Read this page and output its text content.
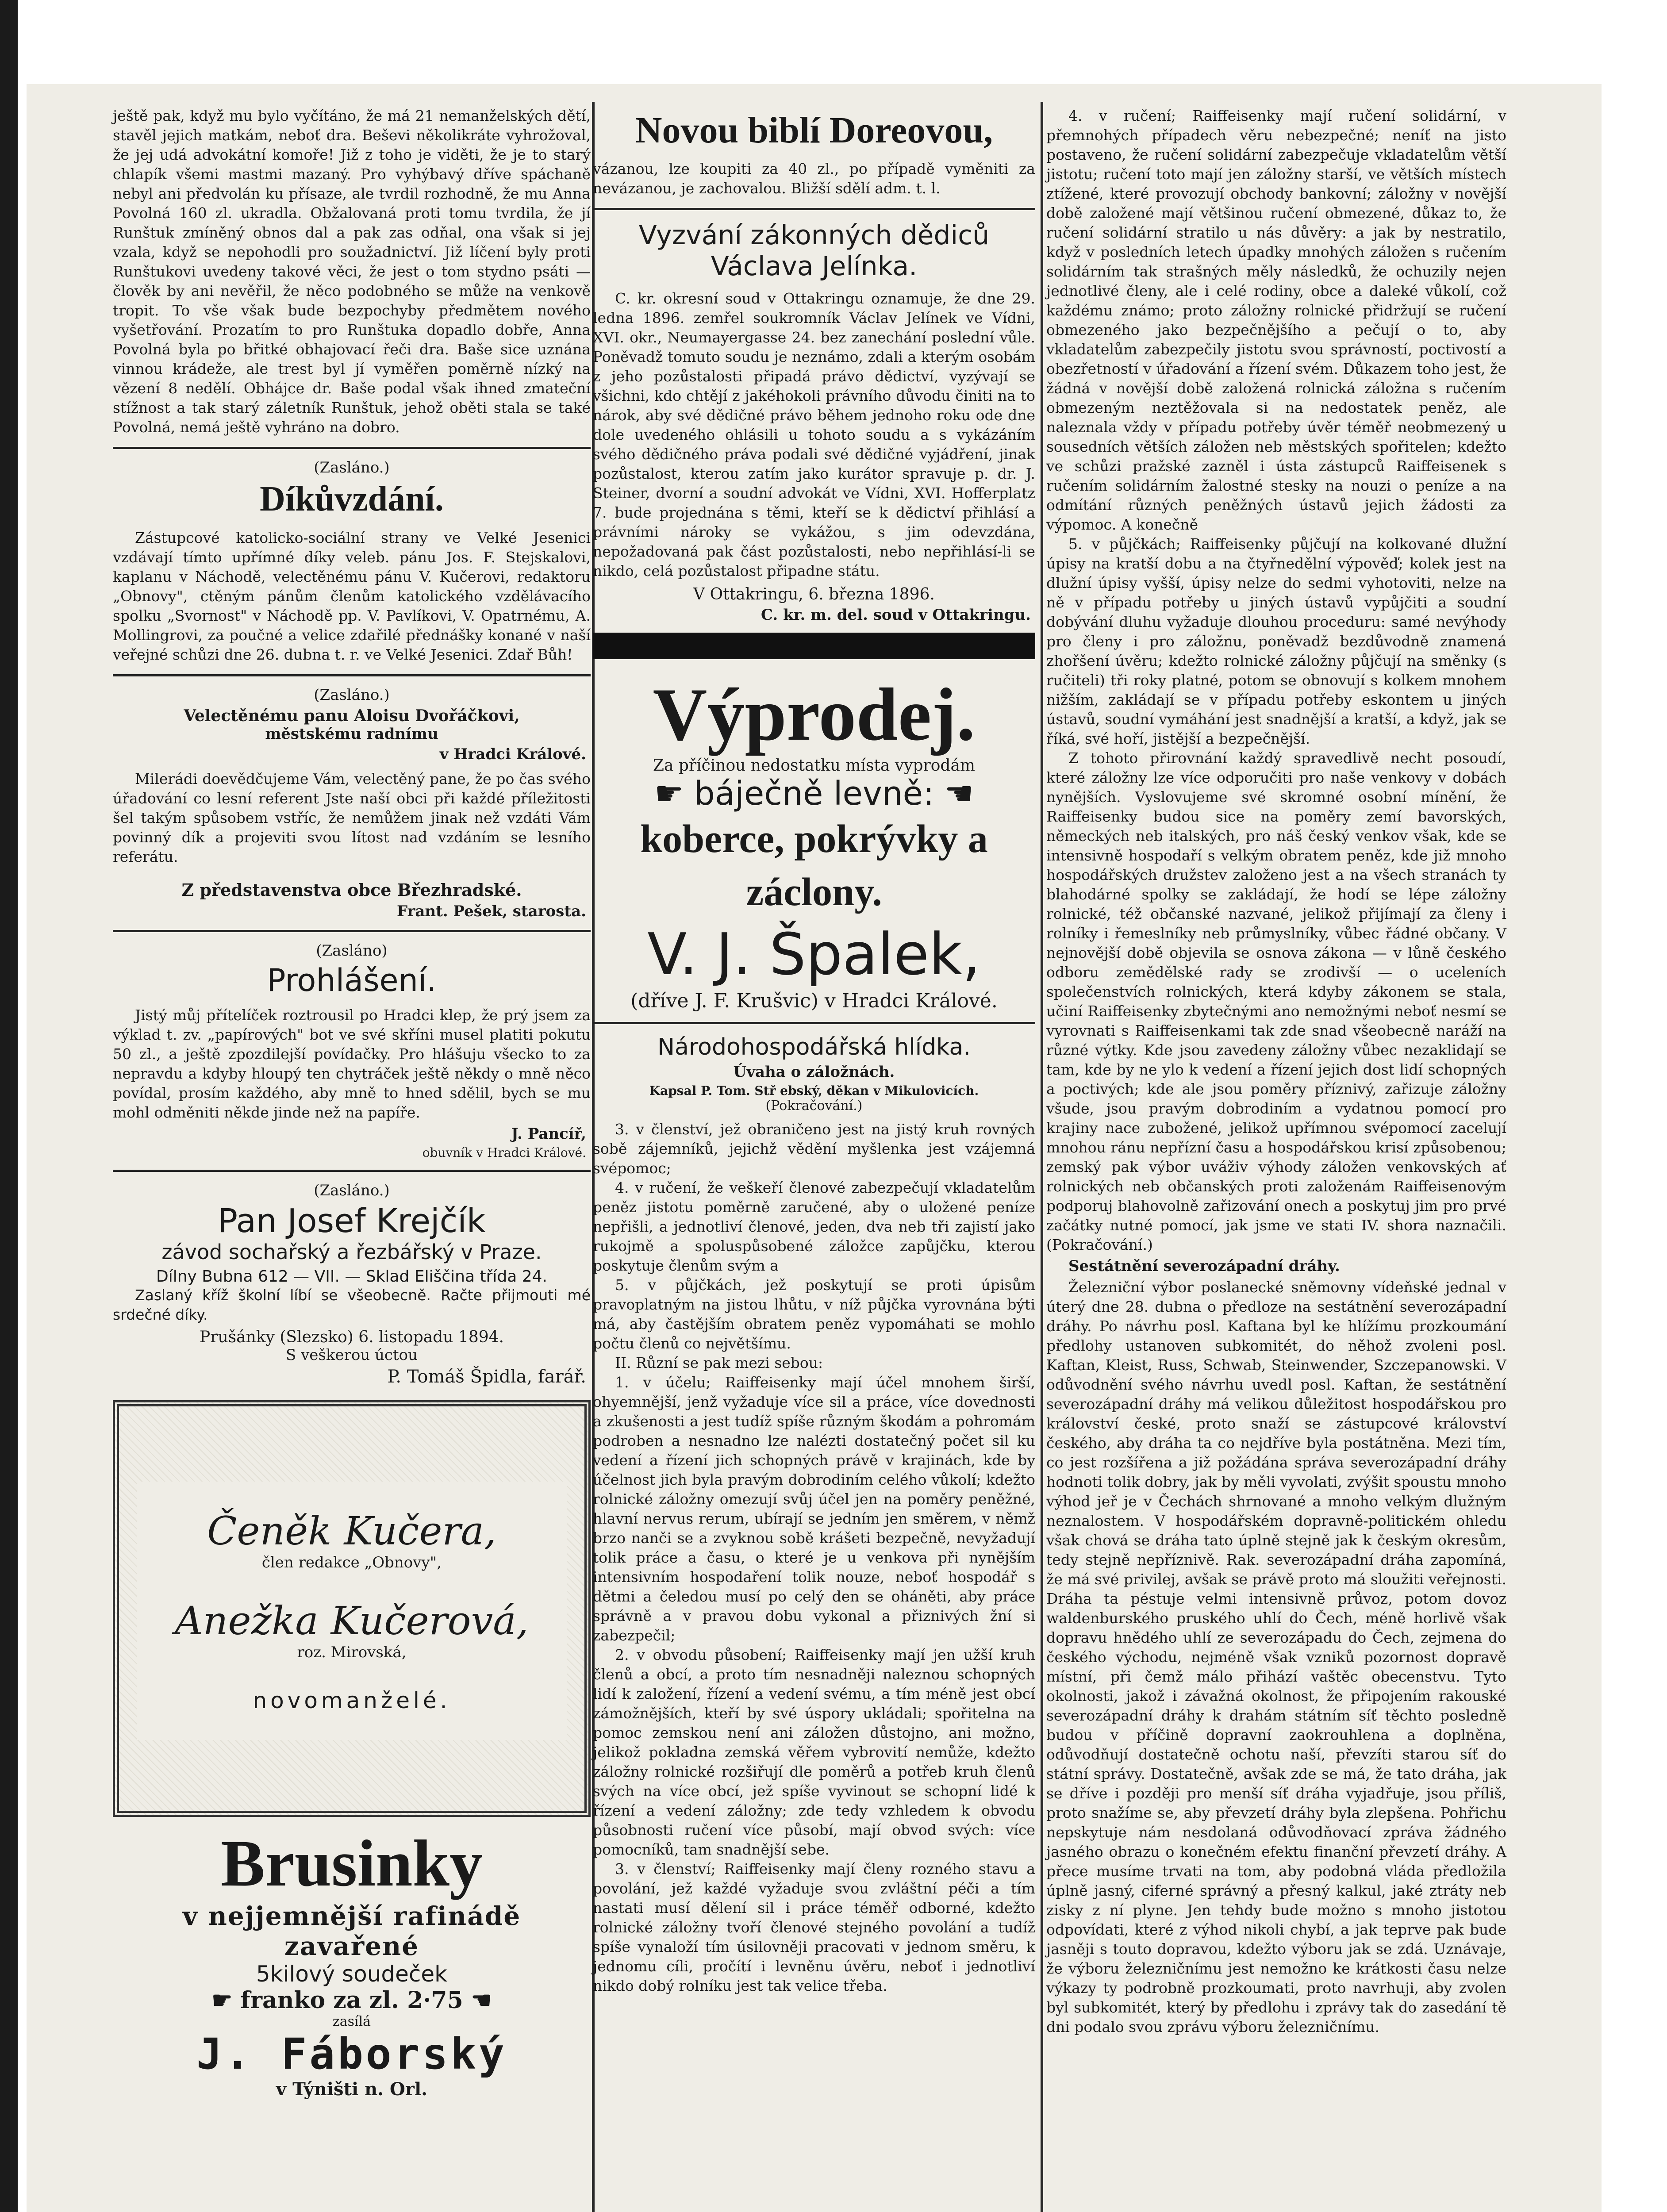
ještě pak, když mu bylo vyčítáno, že má 21 nemanželských dětí, stavěl jejich matkám, neboť dra. Beševi několikráte vyhrožoval, že jej udá advokátní komoře! Již z toho je viděti, že je to starý chlapík všemi mastmi mazaný. Pro vyhýbavý dříve spáchaně nebyl ani předvolán ku přísaze, ale tvrdil rozhodně, že mu Anna Povolná 160 zl. ukradla. Obžalovaná proti tomu tvrdila, že jí Runštuk zmíněný obnos dal a pak zas odňal, ona však si jej vzala, když se nepohodli pro soužadnictví. Již líčení byly proti Runštukovi uvedeny takové věci, že jest o tom stydno psáti — člověk by ani nevěřil, že něco podobného se může na venkově tropit. To vše však bude bezpochyby předmětem nového vyšetřování. Prozatím to pro Runštuka dopadlo dobře, Anna Povolná byla po břitké obhajovací řeči dra. Baše sice uznána vinnou krádeže, ale trest byl jí vyměřen poměrně nízký na vězení 8 nedělí. Obhájce dr. Baše podal však ihned zmateční stížnost a tak starý záletník Runštuk, jehož oběti stala se také Povolná, nemá ještě vyhráno na dobro.

(Zasláno.)
Díkůvzdání.

Zástupcové katolicko-sociální strany ve Velké Jesenici vzdávají tímto upřímné díky veleb. pánu Jos. F. Stejskalovi, kaplanu v Náchodě, velectěnému pánu V. Kučerovi, redaktoru „Obnovy", ctěným pánům členům katolického vzdělávacího spolku „Svornost" v Náchodě pp. V. Pavlíkovi, V. Opatrnému, A. Mollingrovi, za poučné a velice zdařilé přednášky konané v naší veřejné schůzi dne 26. dubna t. r. ve Velké Jesenici. Zdař Bůh!

(Zasláno.)
Velectěnému panu Aloisu Dvořáčkovi,
městskému radnímu
v Hradci Králové.

Milerádi doevědčujeme Vám, velectěný pane, že po čas svého úřadování co lesní referent Jste naší obci při každé příležitosti šel takým spůsobem vstříc, že nemůžem jinak než vzdáti Vám povinný dík a projeviti svou lítost nad vzdáním se lesního referátu.

Z představenstva obce Březhradské.
Frant. Pešek, starosta.
(Zasláno)
Prohlášení.

Jistý můj přítelíček roztrousil po Hradci klep, že prý jsem za výklad t. zv. „papírových" bot ve své skříni musel platiti pokutu 50 zl., a ještě zpozdilejší povídačky. Pro hlášuju všecko to za nepravdu a kdyby hloupý ten chytráček ještě někdy o mně něco povídal, prosím každého, aby mně to hned sdělil, bych se mu mohl odměniti někde jinde než na papíře.

J. Pancíř,
obuvník v Hradci Králové.
(Zasláno.)
Pan Josef Krejčík
závod sochařský a řezbářský v Praze.
Dílny Bubna 612 — VII. — Sklad Eliščina třída 24.

Zaslaný kříž školní líbí se všeobecně. Račte přijmouti mé srdečné díky.

Prušánky (Slezsko) 6. listopadu 1894.
S veškerou úctou
P. Tomáš Špidla, farář.
Čeněk Kučera,
člen redakce „Obnovy",
Anežka Kučerová,
roz. Mirovská,
novomanželé.
Brusinky
v nejjemnější rafinádě zavařené
5kilový soudeček
☛ franko za zl. 2·75 ☚
zasílá
J. Fáborský
v Týništi n. Orl.
Novou biblí Doreovou,

vázanou, lze koupiti za 40 zl., po případě vyměniti za nevázanou, je zachovalou. Bližší sdělí adm. t. l.

Vyzvání zákonných dědiců
Václava Jelínka.

C. kr. okresní soud v Ottakringu oznamuje, že dne 29. ledna 1896. zemřel soukromník Václav Jelínek ve Vídni, XVI. okr., Neumayergasse 24. bez zanechání poslední vůle. Poněvadž tomuto soudu je neznámo, zdali a kterým osobám z jeho pozůstalosti připadá právo dědictví, vyzývají se všichni, kdo chtějí z jakéhokoli právního důvodu činiti na to nárok, aby své dědičné právo během jednoho roku ode dne dole uvedeného ohlásili u tohoto soudu a s vykázáním svého dědičného práva podali své dědičné vyjádření, jinak pozůstalost, kterou zatím jako kurátor spravuje p. dr. J. Steiner, dvorní a soudní advokát ve Vídni, XVI. Hofferplatz 7. bude projednána s těmi, kteří se k dědictví přihlásí a právními nároky se vykážou, s jim odevzdána, nepožadovaná pak část pozůstalosti, nebo nepřihlásí-li se nikdo, celá pozůstalost připadne státu.

V Ottakringu, 6. března 1896.
C. kr. m. del. soud v Ottakringu.
Výprodej.
Za příčinou nedostatku místa vyprodám
☛ báječně levně: ☚
koberce, pokrývky a záclony.
V. J. Špalek,
(dříve J. F. Krušvic) v Hradci Králové.
Národohospodářská hlídka.
Úvaha o záložnách.
Kapsal P. Tom. Stř ebský, děkan v Mikulovicích.
(Pokračování.)

3. v členství, jež obraničeno jest na jistý kruh rovných sobě zájemníků, jejichž vědění myšlenka jest vzájemná svépomoc;

4. v ručení, že veškeří členové zabezpečují vkladatelům peněz jistotu poměrně zaručené, aby o uložené peníze nepřišli, a jednotliví členové, jeden, dva neb tři zajistí jako rukojmě a spoluspůsobené záložce zapůjčku, kterou poskytuje členům svým a

5. v půjčkách, jež poskytují se proti úpisům pravoplatným na jistou lhůtu, v níž půjčka vyrovnána býti má, aby častějším obratem peněz vypomáhati se mohlo počtu členů co největšímu.

II. Různí se pak mezi sebou:

1. v účelu; Raiffeisenky mají účel mnohem širší, ohyemnější, jenž vyžaduje více sil a práce, více dovednosti a zkušenosti a jest tudíž spíše různým škodám a pohromám podroben a nesnadno lze nalézti dostatečný počet sil ku vedení a řízení jich schopných právě v krajinách, kde by účelnost jich byla pravým dobrodiním celého vůkolí; kdežto rolnické záložny omezují svůj účel jen na poměry peněžné, hlavní nervus rerum, ubírají se jedním jen směrem, v němž brzo nanči se a zvyknou sobě krášeti bezpečně, nevyžadují tolik práce a času, o které je u venkova při nynějším intensivním hospodaření tolik nouze, neboť hospodář s dětmi a čeledou musí po celý den se oháněti, aby práce správně a v pravou dobu vykonal a přiznivých žní si zabezpečil;

2. v obvodu působení; Raiffeisenky mají jen užší kruh členů a obcí, a proto tím nesnadněji naleznou schopných lidí k založení, řízení a vedení svému, a tím méně jest obcí zámožnějších, kteří by své úspory ukládali; spořitelna na pomoc zemskou není ani záložen důstojno, ani možno, jelikož pokladna zemská věřem vybrovití nemůže, kdežto záložny rolnické rozšiřují dle poměrů a potřeb kruh členů svých na více obcí, jež spíše vyvinout se schopní lidé k řízení a vedení záložny; zde tedy vzhledem k obvodu působnosti ručení více působí, mají obvod svých: více pomocníků, tam snadnější sebe.

3. v členství; Raiffeisenky mají členy rozného stavu a povolání, jež každé vyžaduje svou zvláštní péči a tím nastati musí dělení sil i práce téměř odborné, kdežto rolnické záložny tvoří členové stejného povolání a tudíž spíše vynaloží tím úsilovněji pracovati v jednom směru, k jednomu cíli, pročítí i levněnu úvěru, neboť i jednotliví nikdo dobý rolníku jest tak velice třeba.

4. v ručení; Raiffeisenky mají ručení solidární, v přemnohých případech věru nebezpečné; neníť na jisto postaveno, že ručení solidární zabezpečuje vkladatelům větší jistotu; ručení toto mají jen záložny starší, ve větších místech ztížené, které provozují obchody bankovní; záložny v novější době založené mají většinou ručení obmezené, důkaz to, že ručení solidární stratilo u nás důvěry: a jak by nestratilo, když v posledních letech úpadky mnohých záložen s ručením solidárním tak strašných měly následků, že ochuzily nejen jednotlivé členy, ale i celé rodiny, obce a daleké vůkolí, což každému známo; proto záložny rolnické přidržují se ručení obmezeného jako bezpečnějšího a pečují o to, aby vkladatelům zabezpečily jistotu svou správností, poctivostí a obezřetností v úřadování a řízení svém. Důkazem toho jest, že žádná v novější době založená rolnická záložna s ručením obmezeným neztěžovala si na nedostatek peněz, ale naleznala vždy v případu potřeby úvěr téměř neobmezený u sousedních větších záložen neb městských spořitelen; kdežto ve schůzi pražské zazněl i ústa zástupců Raiffeisenek s ručením solidárním žalostné stesky na nouzi o peníze a na odmítání různých peněžných ústavů jejich žádosti za výpomoc. A konečně

5. v půjčkách; Raiffeisenky půjčují na kolkované dlužní úpisy na kratší dobu a na čtyřnedělní výpověď; kolek jest na dlužní úpisy vyšší, úpisy nelze do sedmi vyhotoviti, nelze na ně v případu potřeby u jiných ústavů vypůjčiti a soudní dobývání dluhu vyžaduje dlouhou proceduru: samé nevýhody pro členy i pro záložnu, poněvadž bezdůvodně znamená zhořšení úvěru; kdežto rolnické záložny půjčují na směnky (s ručiteli) tři roky platné, potom se obnovují s kolkem mnohem nižším, zakládají se v případu potřeby eskontem u jiných ústavů, soudní vymáhání jest snadnější a kratší, a když, jak se říká, své hoří, jistější a bezpečnější.

Z tohoto přirovnání každý spravedlivě necht posoudí, které záložny lze více odporučiti pro naše venkovy v dobách nynějších. Vyslovujeme své skromné osobní mínění, že Raiffeisenky budou sice na poměry zemí bavorských, německých neb italských, pro náš český venkov však, kde se intensivně hospodaří s velkým obratem peněz, kde již mnoho hospodářských družstev založeno jest a na všech stranách ty blahodárné spolky se zakládají, že hodí se lépe záložny rolnické, též občanské nazvané, jelikož přijímají za členy i rolníky i řemeslníky neb průmyslníky, vůbec řádné občany. V nejnovější době objevila se osnova zákona — v lůně českého odboru zemědělské rady se zrodivší — o uceleních společenstvích rolnických, která kdyby zákonem se stala, učiní Raiffeisenky zbytečnými ano nemožnými neboť nesmí se vyrovnati s Raiffeisenkami tak zde snad všeobecně naráží na různé výtky. Kde jsou zavedeny záložny vůbec nezaklidají se tam, kde by ne ylo k vedení a řízení jejich dost lidí schopných a poctivých; kde ale jsou poměry příznivý, zařizuje záložny všude, jsou pravým dobrodiním a vydatnou pomocí pro krajiny nace zubožené, jelikož upřímnou svépomocí zacelují mnohou ránu nepřízní času a hospodářskou krisí způsobenou; zemský pak výbor uváživ výhody záložen venkovských ať rolnických neb občanských proti založenám Raiffeisenovým podporuj blahovolně zařizování onech a poskytuj jim pro prvé začátky nutné pomocí, jak jsme ve stati IV. shora naznačili. (Pokračování.)

Sestátnění severozápadní dráhy.

Železniční výbor poslanecké sněmovny vídeňské jednal v úterý dne 28. dubna o předloze na sestátnění severozápadní dráhy. Po návrhu posl. Kaftana byl ke hlížímu prozkoumání předlohy ustanoven subkomitét, do něhož zvoleni posl. Kaftan, Kleist, Russ, Schwab, Steinwender, Szczepanowski. V odůvodnění svého návrhu uvedl posl. Kaftan, že sestátnění severozápadní dráhy má velikou důležitost hospodářskou pro království české, proto snaží se zástupcové království českého, aby dráha ta co nejdříve byla postátněna. Mezi tím, co jest rozšířena a již požádána správa severozápadní dráhy hodnoti tolik dobry, jak by měli vyvolati, zvýšit spoustu mnoho výhod jeř je v Čechách shrnované a mnoho velkým dlužným neznalostem. V hospodářském dopravně-politickém ohledu však chová se dráha tato úplně stejně jak k českým okresům, tedy stejně nepříznivě. Rak. severozápadní dráha zapomíná, že má své privilej, avšak se právě proto má sloužiti veřejnosti. Dráha ta péstuje velmi intensivně průvoz, potom dovoz waldenburského pruského uhlí do Čech, méně horlivě však dopravu hnědého uhlí ze severozápadu do Čech, zejmena do českého východu, nejméně však vzniků pozornost dopravě místní, při čemž málo přihází vaštěc obecenstvu. Tyto okolnosti, jakož i závažná okolnost, že připojením rakouské severozápadní dráhy k drahám státním síť těchto posledně budou v příčině dopravní zaokrouhlena a doplněna, odůvodňují dostatečně ochotu naší, převzíti starou síť do státní správy. Dostatečně, avšak zde se má, že tato dráha, jak se dříve i později pro menší síť dráha vyjadřuje, jsou příliš, proto snažíme se, aby převzetí dráhy byla zlepšena. Pohřichu nepskytuje nám nesdolaná odůvodňovací zpráva žádného jasného obrazu o konečném efektu finanční převzetí dráhy. A přece musíme trvati na tom, aby podobná vláda předložila úplně jasný, ciferné správný a přesný kalkul, jaké ztráty neb zisky z ní plyne. Jen tehdy bude možno s mnoho jistotou odpovídati, které z výhod nikoli chybí, a jak teprve pak bude jasněji s touto dopravou, kdežto výboru jak se zdá. Uznávaje, že výboru železničnímu jest nemožno ke krátkosti času nelze výkazy ty podrobně prozkoumati, proto navrhuji, aby zvolen byl subkomitét, který by předlohu i zprávy tak do zasedání tě dni podalo svou zprávu výboru železničnímu.
